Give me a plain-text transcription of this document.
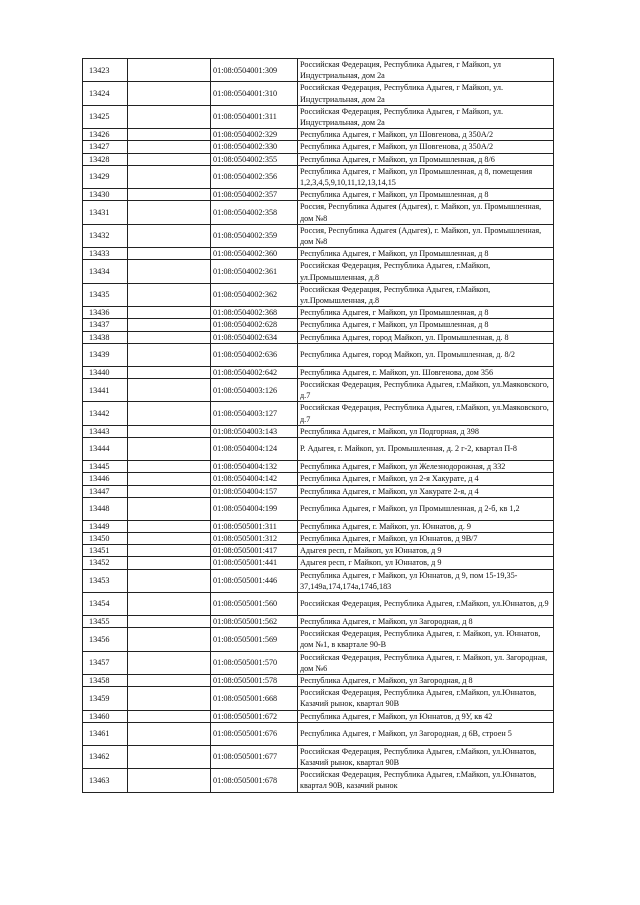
13423		01:08:0504001:309	Российская Федерация, Республика Адыгея, г Майкоп, ул Индустриальная, дом 2а
13424		01:08:0504001:310	Российская Федерация, Республика Адыгея, г Майкоп, ул. Индустриальная, дом 2а
13425		01:08:0504001:311	Российская Федерация, Республика Адыгея, г Майкоп, ул. Индустриальная, дом 2а
13426		01:08:0504002:329	Республика Адыгея, г Майкоп, ул Шовгенова, д 350А/2
13427		01:08:0504002:330	Республика Адыгея, г Майкоп, ул Шовгенова, д 350А/2
13428		01:08:0504002:355	Республика Адыгея, г Майкоп, ул Промышленная, д 8/6
13429		01:08:0504002:356	Республика Адыгея, г Майкоп, ул Промышленная, д 8, помещения 1,2,3,4,5,9,10,11,12,13,14,15
13430		01:08:0504002:357	Республика Адыгея, г Майкоп, ул Промышленная, д 8
13431		01:08:0504002:358	Россия, Республика Адыгея (Адыгея), г. Майкоп, ул. Промышленная, дом №8
13432		01:08:0504002:359	Россия, Республика Адыгея (Адыгея), г. Майкоп, ул. Промышленная, дом №8
13433		01:08:0504002:360	Республика Адыгея, г Майкоп, ул Промышленная, д 8
13434		01:08:0504002:361	Российская Федерация, Республика Адыгея, г.Майкоп, ул.Промышленная, д.8
13435		01:08:0504002:362	Российская Федерация, Республика Адыгея, г.Майкоп, ул.Промышленная, д.8
13436		01:08:0504002:368	Республика Адыгея, г Майкоп, ул Промышленная, д 8
13437		01:08:0504002:628	Республика Адыгея, г Майкоп, ул Промышленная, д 8
13438		01:08:0504002:634	Республика Адыгея, город Майкоп, ул. Промышленная, д. 8
13439		01:08:0504002:636	Республика Адыгея, город Майкоп, ул. Промышленная, д. 8/2
13440		01:08:0504002:642	Республика Адыгея, г. Майкоп, ул. Шовгенова, дом 356
13441		01:08:0504003:126	Российская Федерация, Республика Адыгея, г.Майкоп, ул.Маяковского, д.7
13442		01:08:0504003:127	Российская Федерация, Республика Адыгея, г.Майкоп, ул.Маяковского, д.7
13443		01:08:0504003:143	Республика Адыгея, г Майкоп, ул Подгорная, д 398
13444		01:08:0504004:124	Р. Адыгея, г. Майкоп, ул. Промышленная, д. 2 г-2, квартал П-8
13445		01:08:0504004:132	Республика Адыгея, г Майкоп, ул Железнодорожная, д 332
13446		01:08:0504004:142	Республика Адыгея, г Майкоп, ул 2-я Хакурате, д 4
13447		01:08:0504004:157	Республика Адыгея, г Майкоп, ул Хакурате 2-я, д 4
13448		01:08:0504004:199	Республика Адыгея, г Майкоп, ул Промышленная, д 2-б, кв 1,2
13449		01:08:0505001:311	Республика Адыгея, г. Майкоп, ул. Юннатов, д. 9
13450		01:08:0505001:312	Республика Адыгея, г Майкоп, ул Юннатов, д 9В/7
13451		01:08:0505001:417	Адыгея респ, г Майкоп, ул Юннатов, д 9
13452		01:08:0505001:441	Адыгея респ, г Майкоп, ул Юннатов, д 9
13453		01:08:0505001:446	Республика Адыгея, г Майкоп, ул Юннатов, д 9, пом 15-19,35-37,149а,174,174а,174б,183
13454		01:08:0505001:560	Российская Федерация, Республика Адыгея, г.Майкоп, ул.Юннатов, д.9
13455		01:08:0505001:562	Республика Адыгея, г Майкоп, ул Загородная, д 8
13456		01:08:0505001:569	Российская Федерация, Республика Адыгея, г. Майкоп, ул. Юннатов, дом №1, в квартале 90-В
13457		01:08:0505001:570	Российская Федерация, Республика Адыгея, г. Майкоп, ул. Загородная, дом №6
13458		01:08:0505001:578	Республика Адыгея, г Майкоп, ул Загородная, д 8
13459		01:08:0505001:668	Российская Федерация, Республика Адыгея, г.Майкоп, ул.Юннатов, Казачий рынок, квартал 90В
13460		01:08:0505001:672	Республика Адыгея, г Майкоп, ул Юннатов, д 9У, кв 42
13461		01:08:0505001:676	Республика Адыгея, г Майкоп, ул Загородная, д 6В, строен 5
13462		01:08:0505001:677	Российская Федерация, Республика Адыгея, г.Майкоп, ул.Юннатов, Казачий рынок, квартал 90В
13463		01:08:0505001:678	Российская Федерация, Республика Адыгея, г.Майкоп, ул.Юннатов, квартал 90В, казачий рынок
